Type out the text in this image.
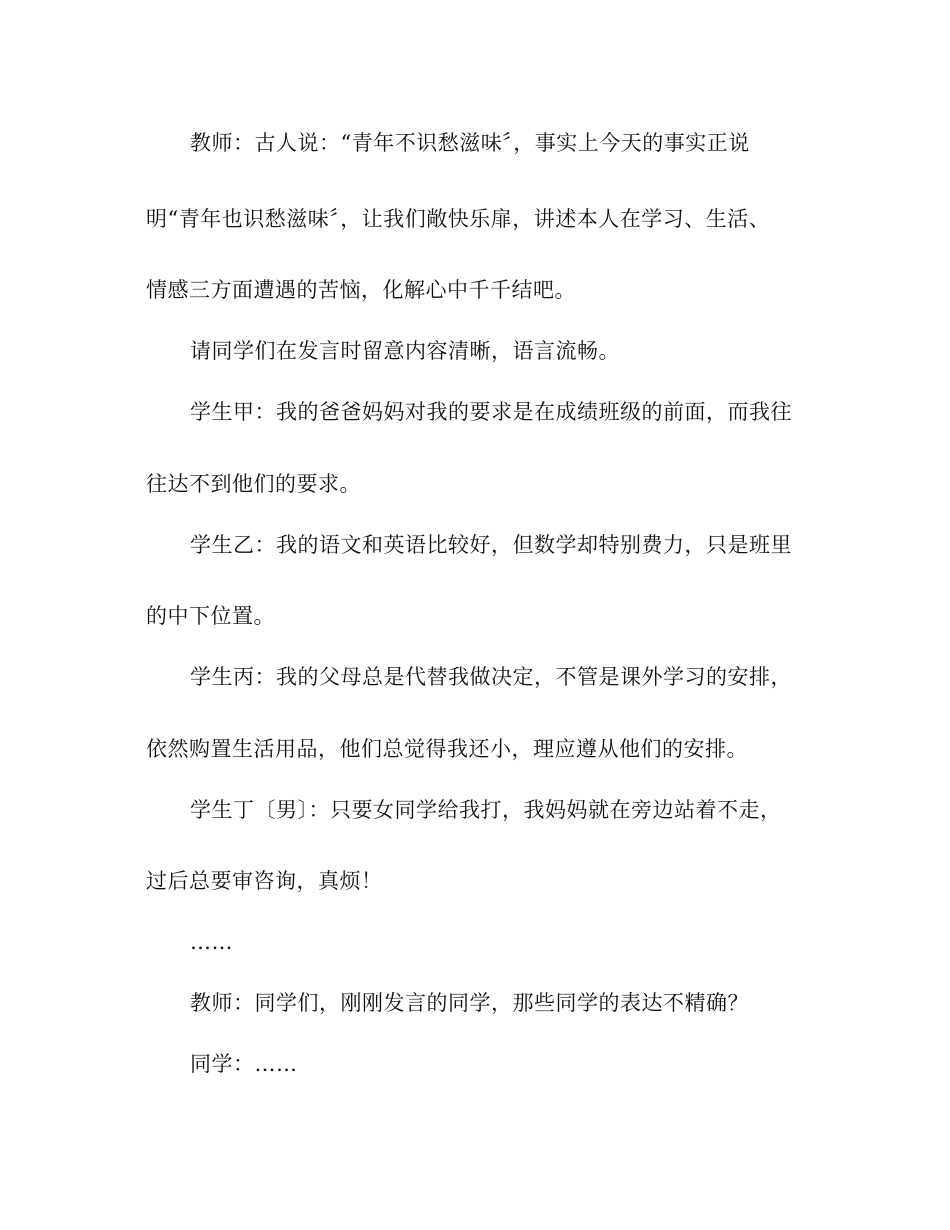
教师：古人说：“青年不识愁滋味〞，事实上今天的事实正说
明“青年也识愁滋味〞，让我们敞快乐扉，讲述本人在学习、生活、
情感三方面遭遇的苦恼，化解心中千千结吧。
请同学们在发言时留意内容清晰，语言流畅。
学生甲：我的爸爸妈妈对我的要求是在成绩班级的前面，而我往
往达不到他们的要求。
学生乙：我的语文和英语比较好，但数学却特别费力，只是班里
的中下位置。
学生丙：我的父母总是代替我做决定，不管是课外学习的安排，
依然购置生活用品，他们总觉得我还小，理应遵从他们的安排。
学生丁〔男〕：只要女同学给我打，我妈妈就在旁边站着不走，
过后总要审咨询，真烦！
……
教师：同学们，刚刚发言的同学，那些同学的表达不精确？
同学：……
